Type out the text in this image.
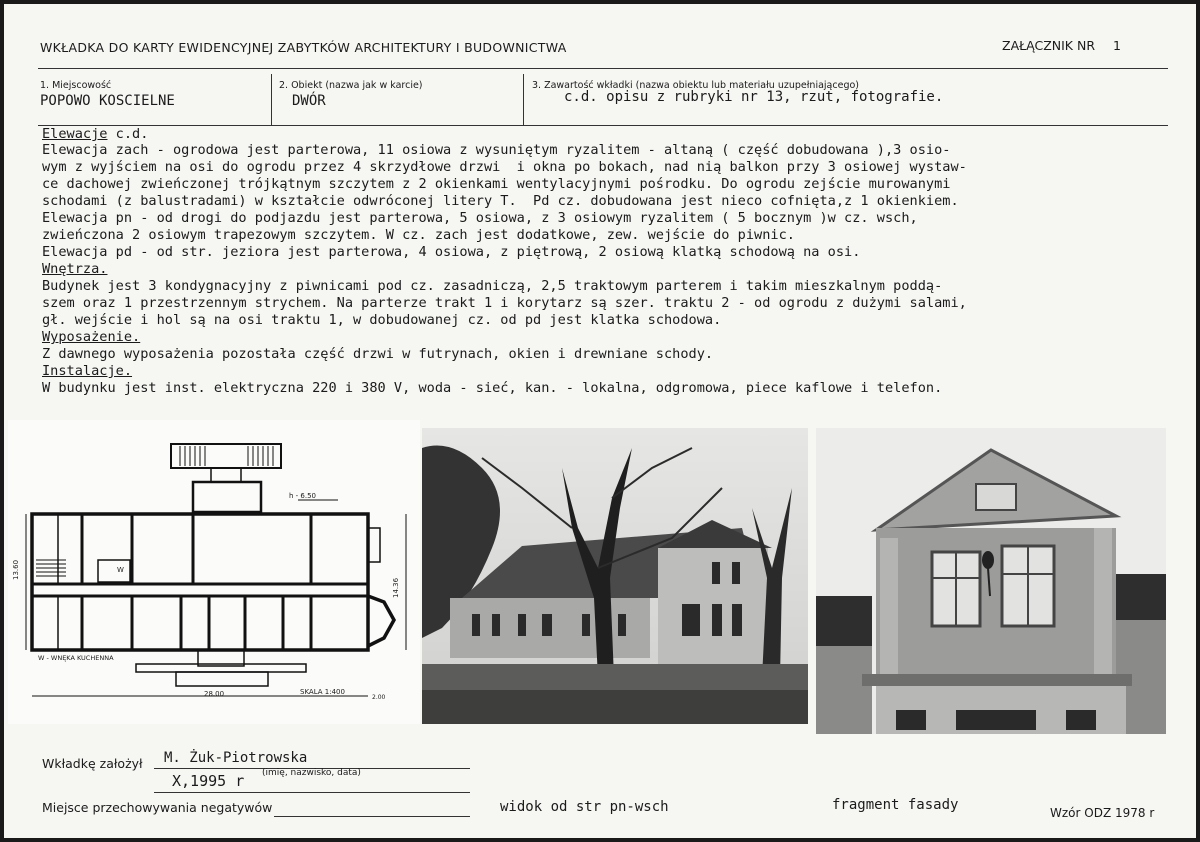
WKŁADKA DO KARTY EWIDENCYJNEJ ZABYTKÓW ARCHITEKTURY I BUDOWNICTWA	ZAŁĄCZNIK NR 1
1. Miejscowość
POPOWO KOSCIELNE
2. Obiekt (nazwa jak w karcie)
DWÓR
3. Zawartość wkładki (nazwa obiektu lub materiału uzupełniającego)
c.d. opisu z rubryki nr 13, rzut, fotografie.
Elewacje c.d.
Elewacja zach - ogrodowa jest parterowa, 11 osiowa z wysuniętym ryzalitem - altaną ( część dobudowana ),3 osio-
wym z wyjściem na osi do ogrodu przez 4 skrzydłowe drzwi  i okna po bokach, nad nią balkon przy 3 osiowej wystaw-
ce dachowej zwieńczonej trójkątnym szczytem z 2 okienkami wentylacyjnymi pośrodku. Do ogrodu zejście murowanymi
schodami (z balustradami) w kształcie odwróconej litery T.  Pd cz. dobudowana jest nieco cofnięta,z 1 okienkiem.
Elewacja pn - od drogi do podjazdu jest parterowa, 5 osiowa, z 3 osiowym ryzalitem ( 5 bocznym )w cz. wsch,
zwieńczona 2 osiowym trapezowym szczytem. W cz. zach jest dodatkowe, zew. wejście do piwnic.
Elewacja pd - od str. jeziora jest parterowa, 4 osiowa, z piętrową, 2 osiową klatką schodową na osi.
Wnętrza.
Budynek jest 3 kondygnacyjny z piwnicami pod cz. zasadniczą, 2,5 traktowym parterem i takim mieszkalnym poddą-
szem oraz 1 przestrzennym strychem. Na parterze trakt 1 i korytarz są szer. traktu 2 - od ogrodu z dużymi salami,
gł. wejście i hol są na osi traktu 1, w dobudowanej cz. od pd jest klatka schodowa.
Wyposażenie.
Z dawnego wyposażenia pozostała część drzwi w futrynach, okien i drewniane schody.
Instalacje.
W budynku jest inst. elektryczna 220 i 380 V, woda - sieć, kan. - lokalna, odgromowa, piece kaflowe i telefon.
W - WNĘKA KUCHENNA
W
h - 6.50
28.00
13.60
14.36
SKALA 1:400
2.00
Wkładkę założył M. Żuk-Piotrowska
X,1995 r (imię, nazwisko, data)
Miejsce przechowywania negatywów	widok od str pn-wsch	fragment fasady	Wzór ODZ 1978 r
